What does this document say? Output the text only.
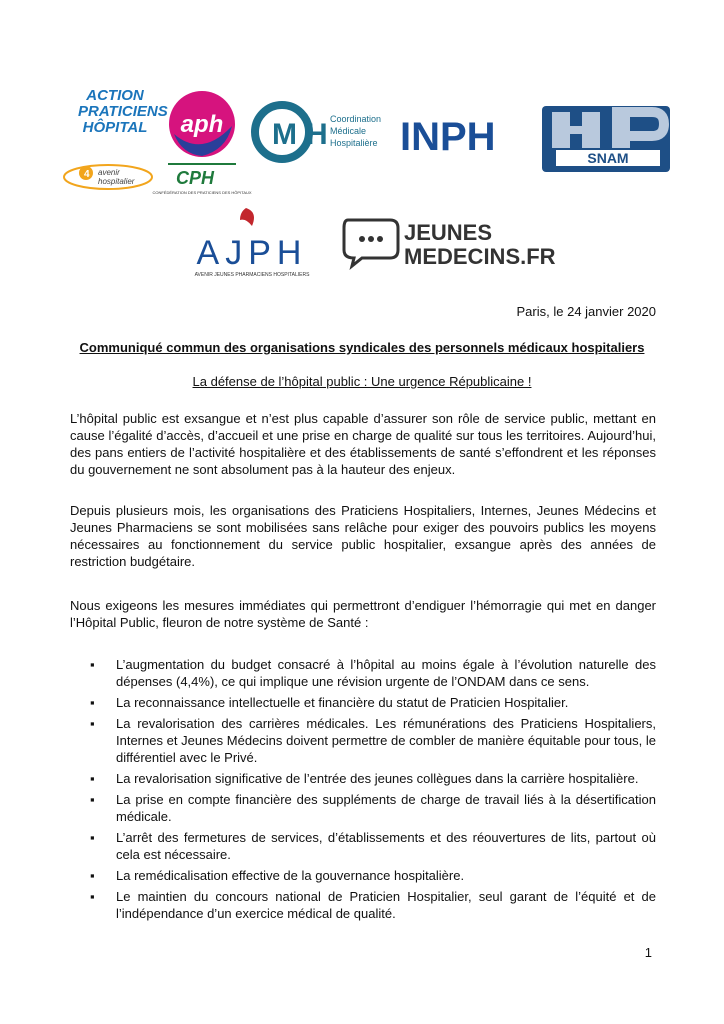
ACTION
PRATICIENS
HÔPITAL
4 avenir
hospitalier
aph
CPH
CONFÉDÉRATION DES PRATICIENS DES HÔPITAUX
M H Coordination
Médicale
Hospitalière INPH	SNAM
AJPH
AVENIR JEUNES PHARMACIENS HOSPITALIERS
JEUNES
MEDECINS.FR
Paris, le 24 janvier 2020
Communiqué commun des organisations syndicales des personnels médicaux hospitaliers
La défense de l’hôpital public : Une urgence Républicaine !
L’hôpital public est exsangue et n’est plus capable d’assurer son rôle de service public, mettant en cause l’égalité d’accès, d’accueil et une prise en charge de qualité sur tous les territoires. Aujourd’hui, des pans entiers de l’activité hospitalière et des établissements de santé s’effondrent et les réponses du gouvernement ne sont absolument pas à la hauteur des enjeux.
Depuis plusieurs mois, les organisations des Praticiens Hospitaliers, Internes, Jeunes Médecins et Jeunes Pharmaciens se sont mobilisées sans relâche pour exiger des pouvoirs publics les moyens nécessaires au fonctionnement du service public hospitalier, exsangue après des années de restriction budgétaire.
Nous exigeons les mesures immédiates qui permettront d’endiguer l’hémorragie qui met en danger l’Hôpital Public, fleuron de notre système de Santé :
▪ L’augmentation du budget consacré à l’hôpital au moins égale à l’évolution naturelle des dépenses (4,4%), ce qui implique une révision urgente de l’ONDAM dans ce sens.
▪ La reconnaissance intellectuelle et financière du statut de Praticien Hospitalier.
▪ La revalorisation des carrières médicales. Les rémunérations des Praticiens Hospitaliers, Internes et Jeunes Médecins doivent permettre de combler de manière équitable pour tous, le différentiel avec le Privé.
▪ La revalorisation significative de l’entrée des jeunes collègues dans la carrière hospitalière.
▪ La prise en compte financière des suppléments de charge de travail liés à la désertification médicale.
▪ L’arrêt des fermetures de services, d’établissements et des réouvertures de lits, partout où cela est nécessaire.
▪ La remédicalisation effective de la gouvernance hospitalière.
▪ Le maintien du concours national de Praticien Hospitalier, seul garant de l’équité et de l’indépendance d’un exercice médical de qualité.
1
